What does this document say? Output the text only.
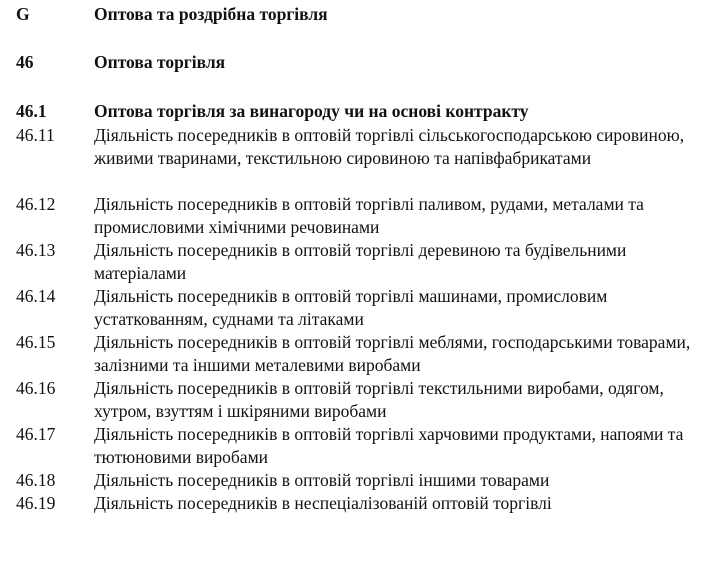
G	Оптова та роздрібна торгівля
46	Оптова торгівля
46.1	Оптова торгівля за винагороду чи на основі контракту
46.11	Діяльність посередників в оптовій торгівлі сільськогосподарською сировиною, живими тваринами, текстильною сировиною та напівфабрикатами
46.12	Діяльність посередників в оптовій торгівлі паливом, рудами, металами та промисловими хімічними речовинами
46.13	Діяльність посередників в оптовій торгівлі деревиною та будівельними матеріалами
46.14	Діяльність посередників в оптовій торгівлі машинами, промисловим устаткованням, суднами та літаками
46.15	Діяльність посередників в оптовій торгівлі меблями, господарськими товарами, залізними та іншими металевими виробами
46.16	Діяльність посередників в оптовій торгівлі текстильними виробами, одягом, хутром, взуттям і шкіряними виробами
46.17	Діяльність посередників в оптовій торгівлі харчовими продуктами, напоями та тютюновими виробами
46.18	Діяльність посередників в оптовій торгівлі іншими товарами
46.19	Діяльність посередників в неспеціалізованій оптовій торгівлі
